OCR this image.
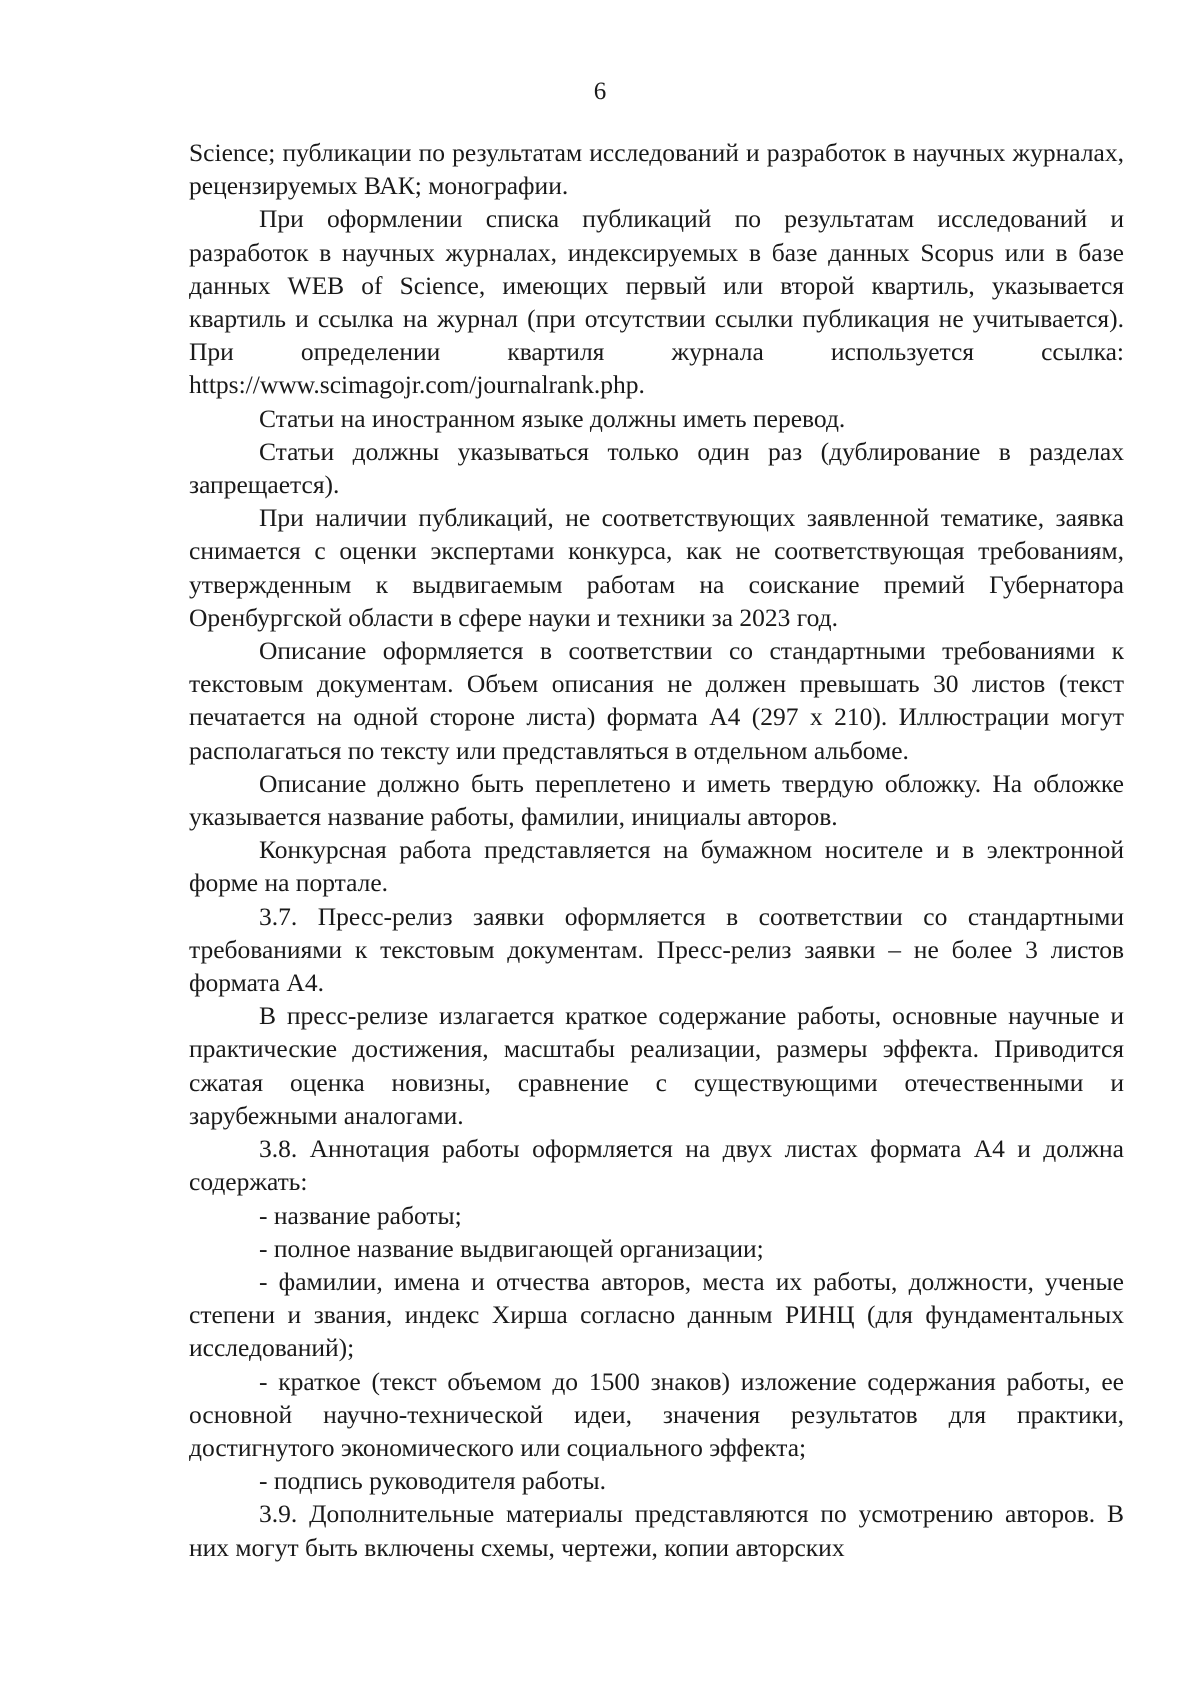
6

Science; публикации по результатам исследований и разработок в научных журналах, рецензируемых ВАК; монографии.

При оформлении списка публикаций по результатам исследований и разработок в научных журналах, индексируемых в базе данных Scopus или в базе данных WEB of Science, имеющих первый или второй квартиль, указывается квартиль и ссылка на журнал (при отсутствии ссылки публикация не учитывается). При определении квартиля журнала используется ссылка: https://www.scimagojr.com/journalrank.php.

Статьи на иностранном языке должны иметь перевод.

Статьи должны указываться только один раз (дублирование в разделах запрещается).

При наличии публикаций, не соответствующих заявленной тематике, заявка снимается с оценки экспертами конкурса, как не соответствующая требованиям, утвержденным к выдвигаемым работам на соискание премий Губернатора Оренбургской области в сфере науки и техники за 2023 год.

Описание оформляется в соответствии со стандартными требованиями к текстовым документам. Объем описания не должен превышать 30 листов (текст печатается на одной стороне листа) формата А4 (297 х 210). Иллюстрации могут располагаться по тексту или представляться в отдельном альбоме.

Описание должно быть переплетено и иметь твердую обложку. На обложке указывается название работы, фамилии, инициалы авторов.

Конкурсная работа представляется на бумажном носителе и в электронной форме на портале.

3.7. Пресс-релиз заявки оформляется в соответствии со стандартными требованиями к текстовым документам. Пресс-релиз заявки – не более 3 листов формата А4.

В пресс-релизе излагается краткое содержание работы, основные научные и практические достижения, масштабы реализации, размеры эффекта. Приводится сжатая оценка новизны, сравнение с существующими отечественными и зарубежными аналогами.

3.8. Аннотация работы оформляется на двух листах формата А4 и должна содержать:

- название работы;

- полное название выдвигающей организации;

- фамилии, имена и отчества авторов, места их работы, должности, ученые степени и звания, индекс Хирша согласно данным РИНЦ (для фундаментальных исследований);

- краткое (текст объемом до 1500 знаков) изложение содержания работы, ее основной научно-технической идеи, значения результатов для практики, достигнутого экономического или социального эффекта;

- подпись руководителя работы.

3.9. Дополнительные материалы представляются по усмотрению авторов. В них могут быть включены схемы, чертежи, копии авторских
